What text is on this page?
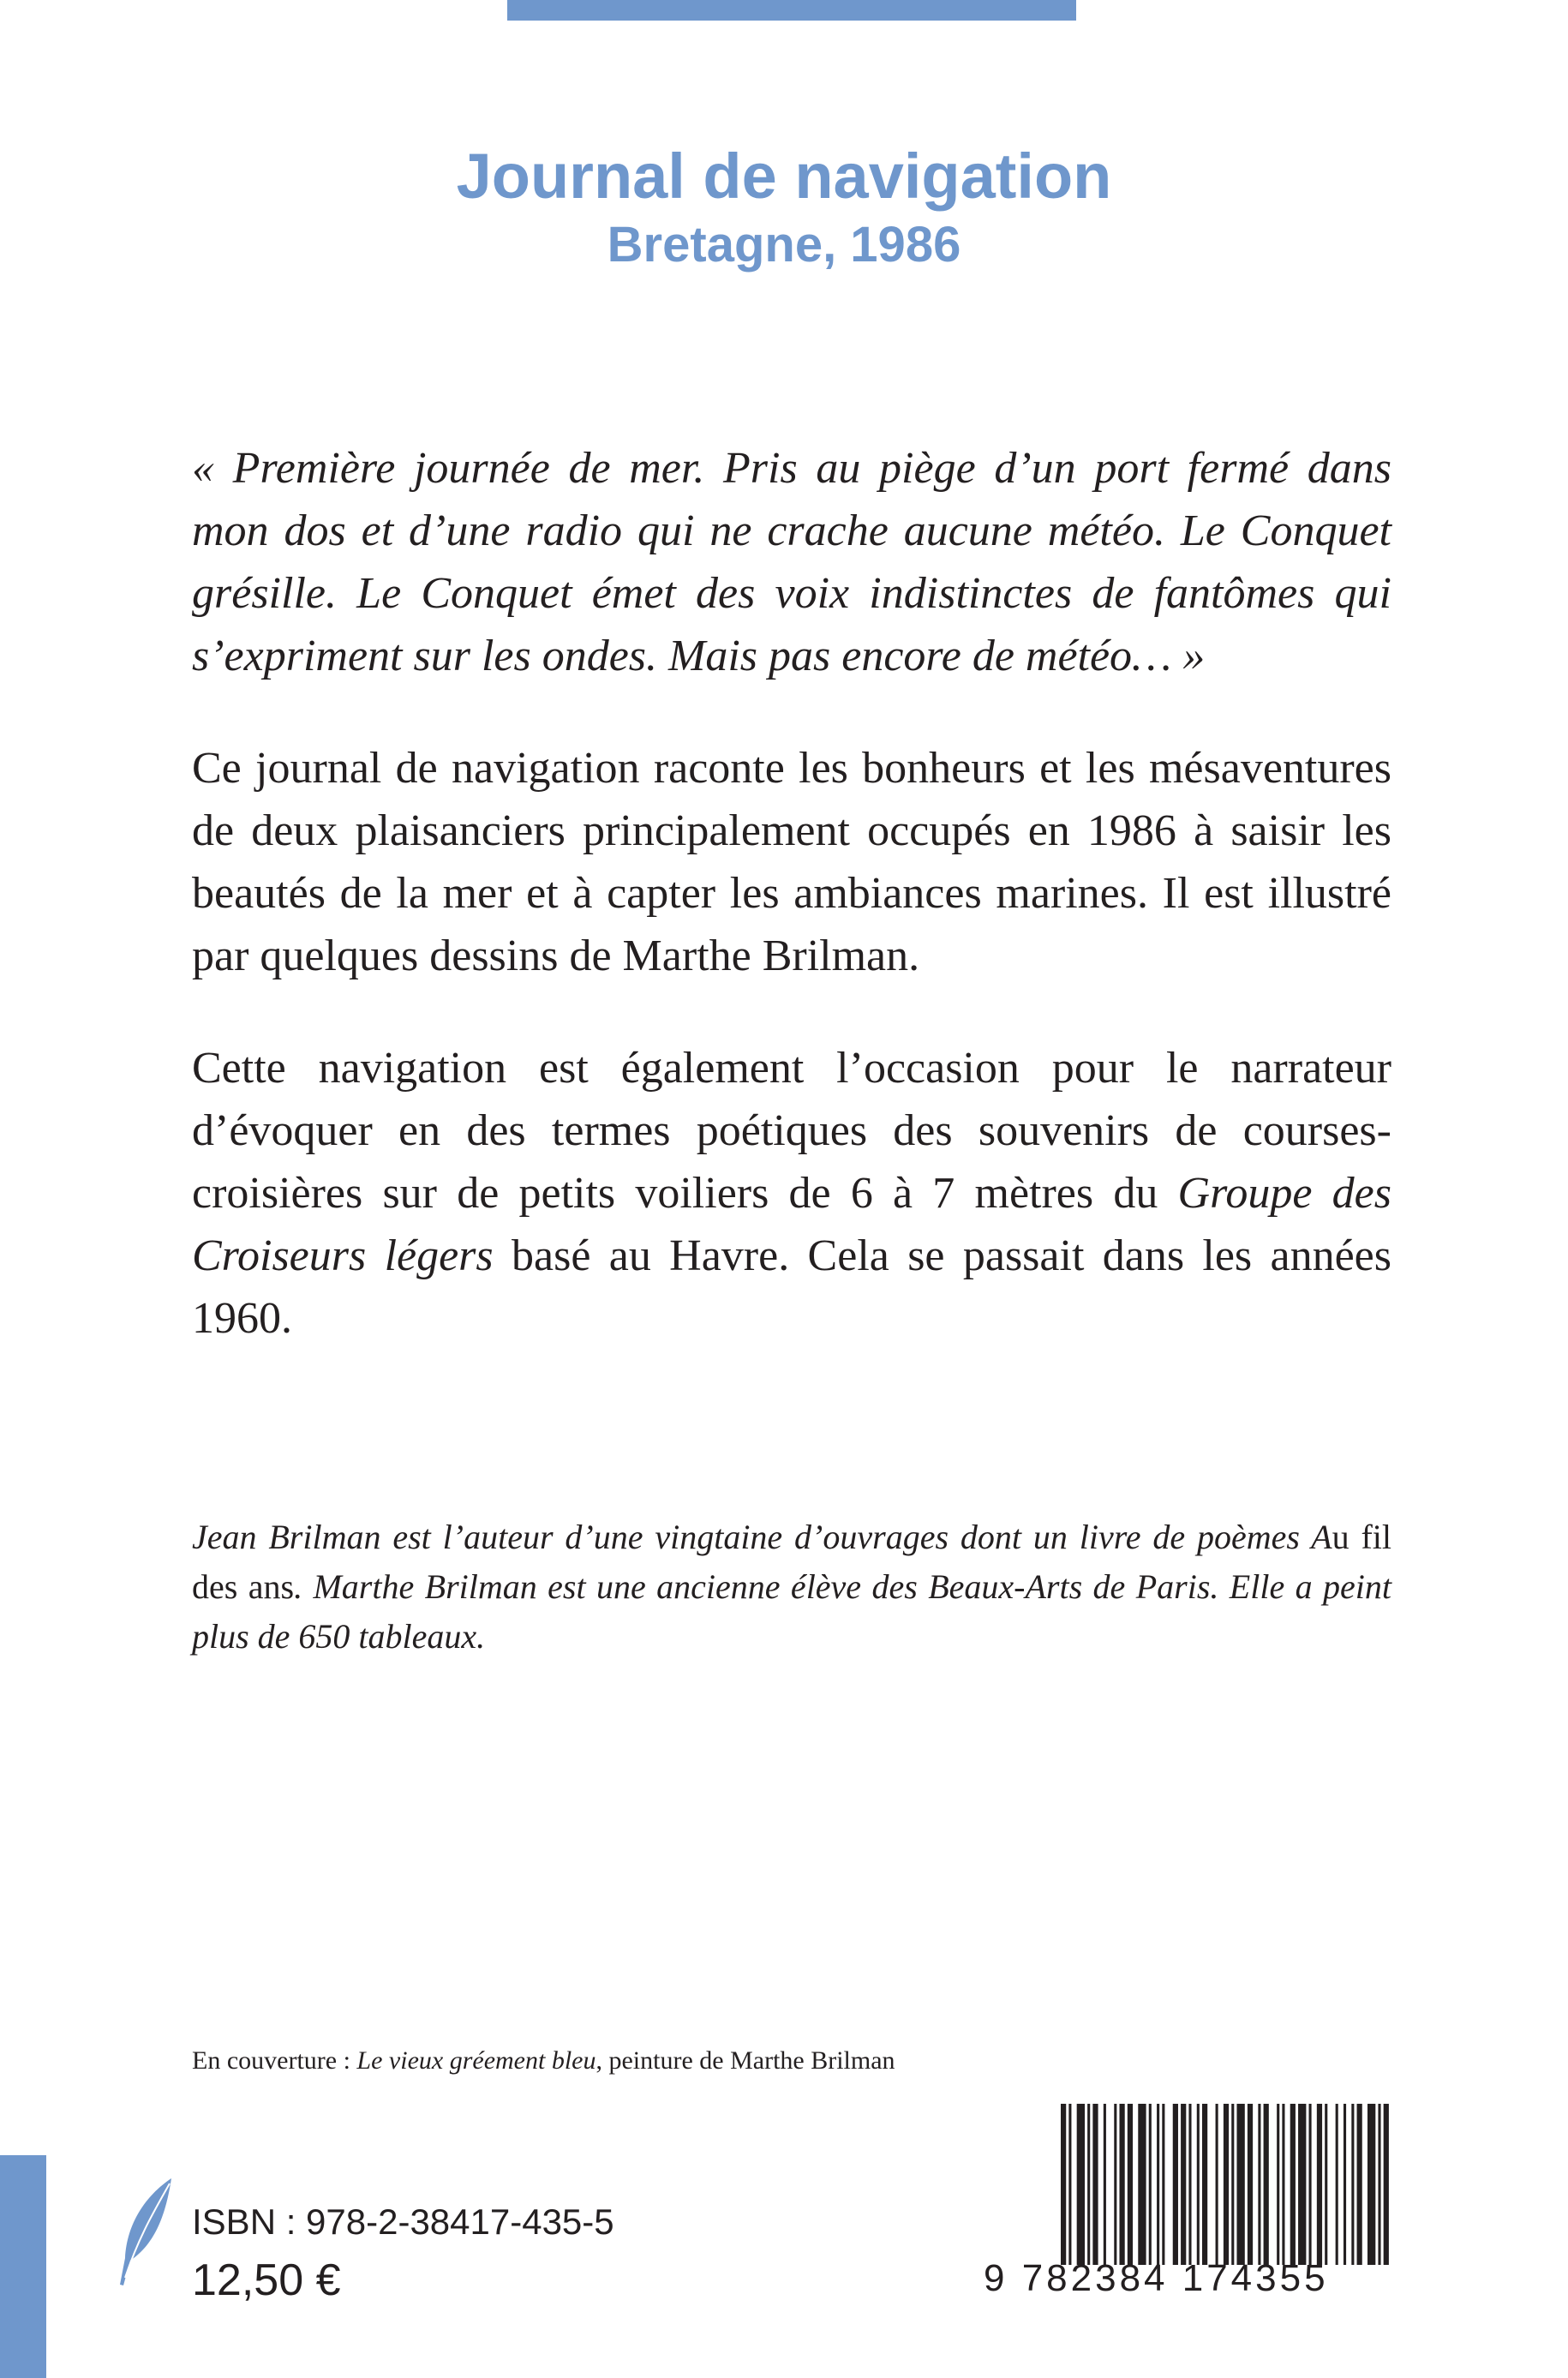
Journal de navigation
Bretagne, 1986

« Première journée de mer. Pris au piège d’un port fermé dans mon dos et d’une radio qui ne crache aucune météo. Le Conquet grésille. Le Conquet émet des voix indistinctes de fantômes qui s’expriment sur les ondes. Mais pas encore de météo… »

Ce journal de navigation raconte les bonheurs et les mésaventures de deux plaisanciers principalement occupés en 1986 à saisir les beautés de la mer et à capter les ambiances marines. Il est illustré par quelques dessins de Marthe Brilman.

Cette navigation est également l’occasion pour le narrateur d’évoquer en des termes poétiques des souvenirs de courses-croisières sur de petits voiliers de 6 à 7 mètres du Groupe des Croiseurs légers basé au Havre. Cela se passait dans les années 1960.

Jean Brilman est l’auteur d’une vingtaine d’ouvrages dont un livre de poèmes Au fil des ans. Marthe Brilman est une ancienne élève des Beaux-Arts de Paris. Elle a peint plus de 650 tableaux.

En couverture : Le vieux gréement bleu, peinture de Marthe Brilman
ISBN : 978-2-38417-435-5
12,50 €	9 782384 174355
